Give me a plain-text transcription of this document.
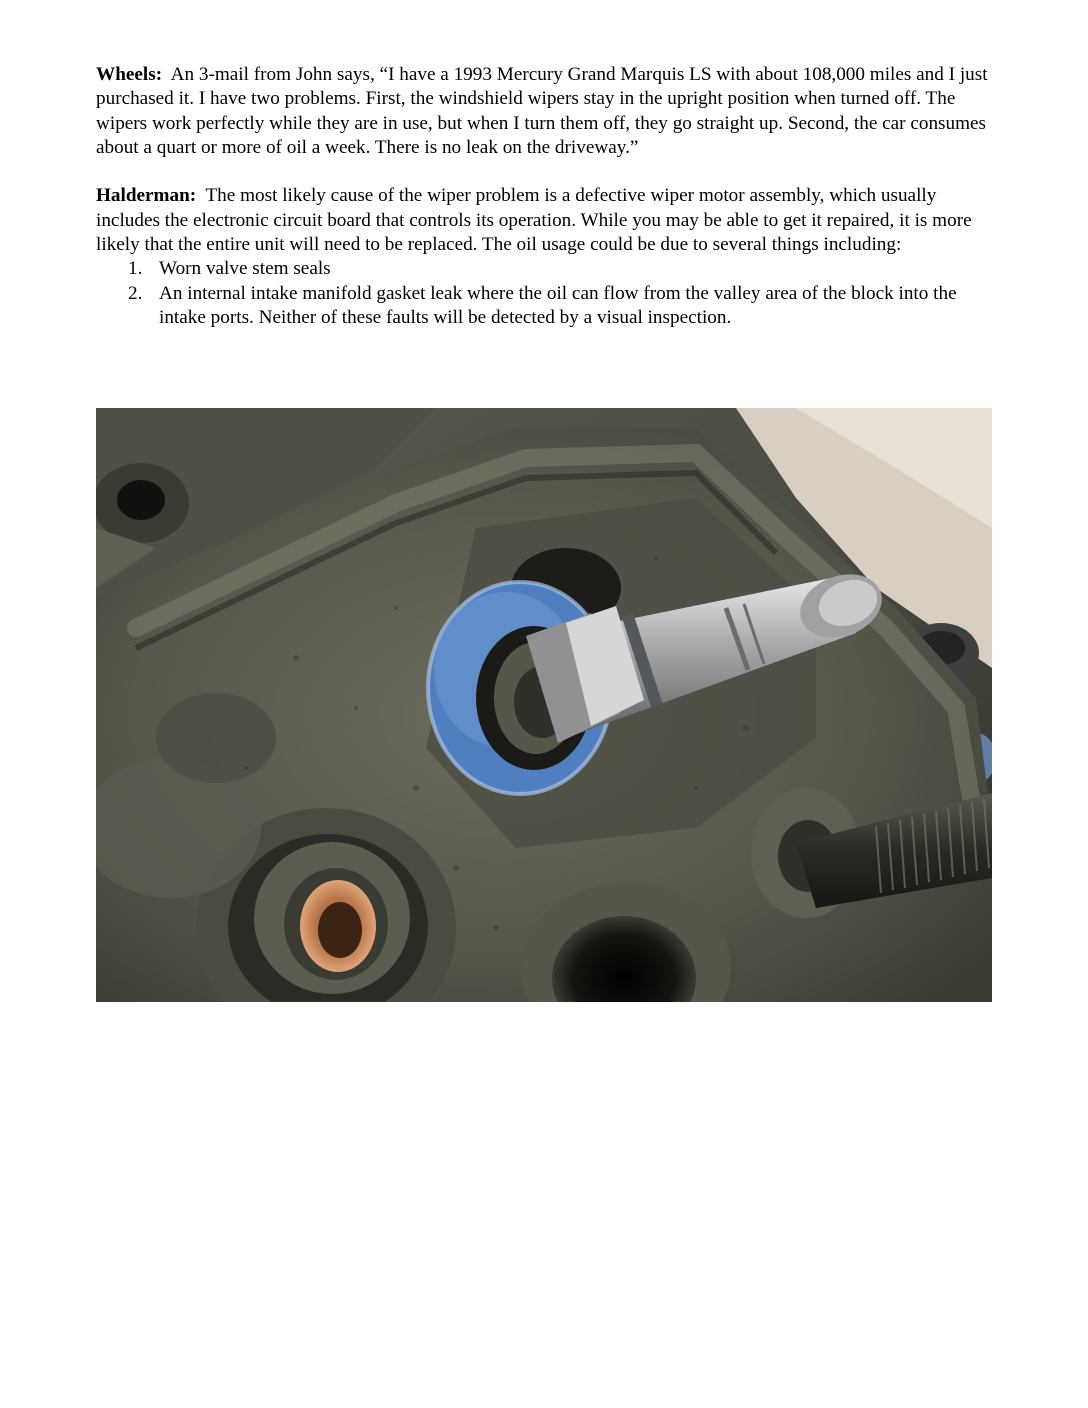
Wheels: An 3-mail from John says, “I have a 1993 Mercury Grand Marquis LS with about 108,000 miles and I just purchased it. I have two problems. First, the windshield wipers stay in the upright position when turned off. The wipers work perfectly while they are in use, but when I turn them off, they go straight up. Second, the car consumes about a quart or more of oil a week. There is no leak on the driveway.”

Halderman: The most likely cause of the wiper problem is a defective wiper motor assembly, which usually includes the electronic circuit board that controls its operation. While you may be able to get it repaired, it is more likely that the entire unit will need to be replaced. The oil usage could be due to several things including:

1. Worn valve stem seals
2. An internal intake manifold gasket leak where the oil can flow from the valley area of the block into the intake ports. Neither of these faults will be detected by a visual inspection.
